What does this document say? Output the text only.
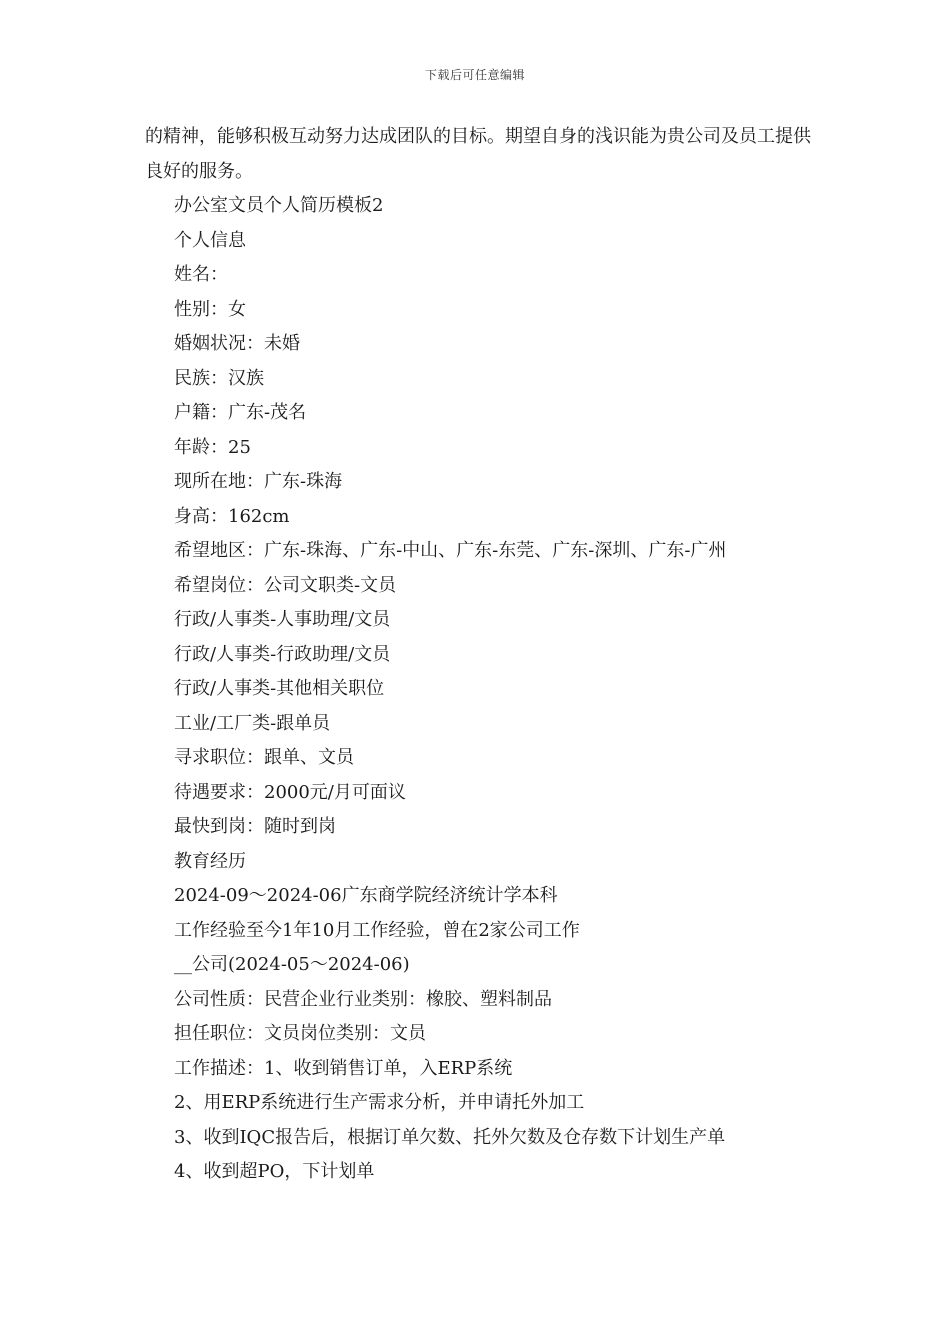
下载后可任意编辑

的精神，能够积极互动努力达成团队的目标。期望自身的浅识能为贵公司及员工提供良好的服务。

办公室文员个人简历模板2

个人信息

姓名：

性别：女

婚姻状况：未婚

民族：汉族

户籍：广东-茂名

年龄：25

现所在地：广东-珠海

身高：162cm

希望地区：广东-珠海、广东-中山、广东-东莞、广东-深圳、广东-广州

希望岗位：公司文职类-文员

行政/人事类-人事助理/文员

行政/人事类-行政助理/文员

行政/人事类-其他相关职位

工业/工厂类-跟单员

寻求职位：跟单、文员

待遇要求：2000元/月可面议

最快到岗：随时到岗

教育经历

2024-09～2024-06广东商学院经济统计学本科

工作经验至今1年10月工作经验，曾在2家公司工作

__公司(2024-05～2024-06)

公司性质：民营企业行业类别：橡胶、塑料制品

担任职位：文员岗位类别：文员

工作描述：1、收到销售订单，入ERP系统

2、用ERP系统进行生产需求分析，并申请托外加工

3、收到IQC报告后，根据订单欠数、托外欠数及仓存数下计划生产单

4、收到超PO，下计划单
